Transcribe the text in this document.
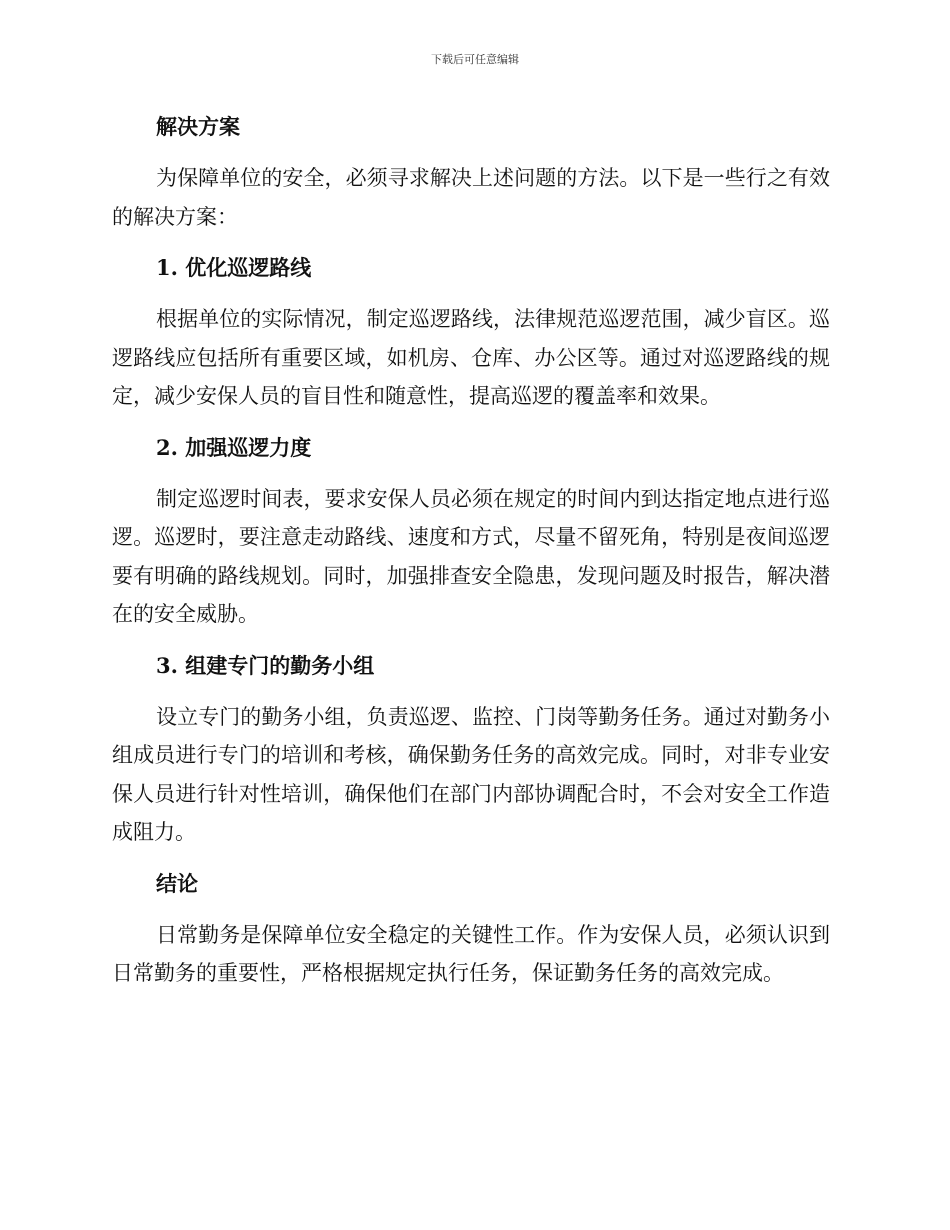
下载后可任意编辑

解决方案

为保障单位的安全，必须寻求解决上述问题的方法。以下是一些行之有效的解决方案：

1. 优化巡逻路线

根据单位的实际情况，制定巡逻路线，法律规范巡逻范围，减少盲区。巡逻路线应包括所有重要区域，如机房、仓库、办公区等。通过对巡逻路线的规定，减少安保人员的盲目性和随意性，提高巡逻的覆盖率和效果。

2. 加强巡逻力度

制定巡逻时间表，要求安保人员必须在规定的时间内到达指定地点进行巡逻。巡逻时，要注意走动路线、速度和方式，尽量不留死角，特别是夜间巡逻要有明确的路线规划。同时，加强排查安全隐患，发现问题及时报告，解决潜在的安全威胁。

3. 组建专门的勤务小组

设立专门的勤务小组，负责巡逻、监控、门岗等勤务任务。通过对勤务小组成员进行专门的培训和考核，确保勤务任务的高效完成。同时，对非专业安保人员进行针对性培训，确保他们在部门内部协调配合时，不会对安全工作造成阻力。

结论

日常勤务是保障单位安全稳定的关键性工作。作为安保人员，必须认识到日常勤务的重要性，严格根据规定执行任务，保证勤务任务的高效完成。
